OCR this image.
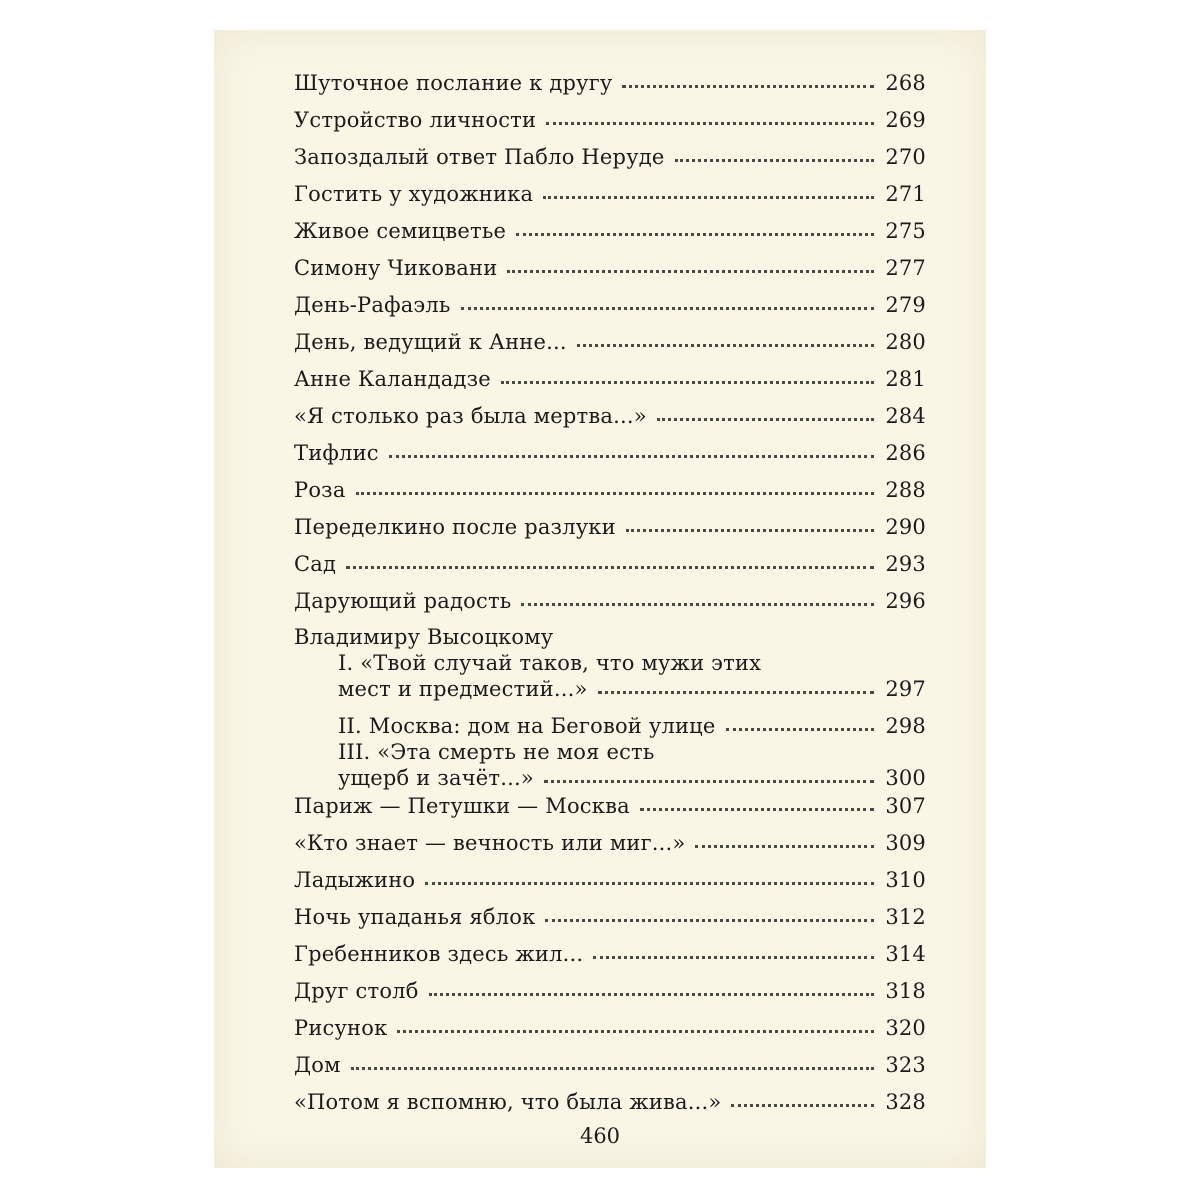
Шуточное послание к другу	268
Устройство личности	269
Запоздалый ответ Пабло Неруде	270
Гостить у художника	271
Живое семицветье	275
Симону Чиковани	277
День-Рафаэль	279
День, ведущий к Анне...	280
Анне Каландадзе	281
«Я столько раз была мертва...»	284
Тифлис	286
Роза	288
Переделкино после разлуки	290
Сад	293
Дарующий радость	296
Владимиру Высоцкому
I. «Твой случай таков, что мужи этих
мест и предместий...»	297
II. Москва: дом на Беговой улице	298
III. «Эта смерть не моя есть
ущерб и зачёт...»	300
Париж — Петушки — Москва	307
«Кто знает — вечность или миг...»	309
Ладыжино	310
Ночь упаданья яблок	312
Гребенников здесь жил...	314
Друг столб	318
Рисунок	320
Дом	323
«Потом я вспомню, что была жива...»	328
460
